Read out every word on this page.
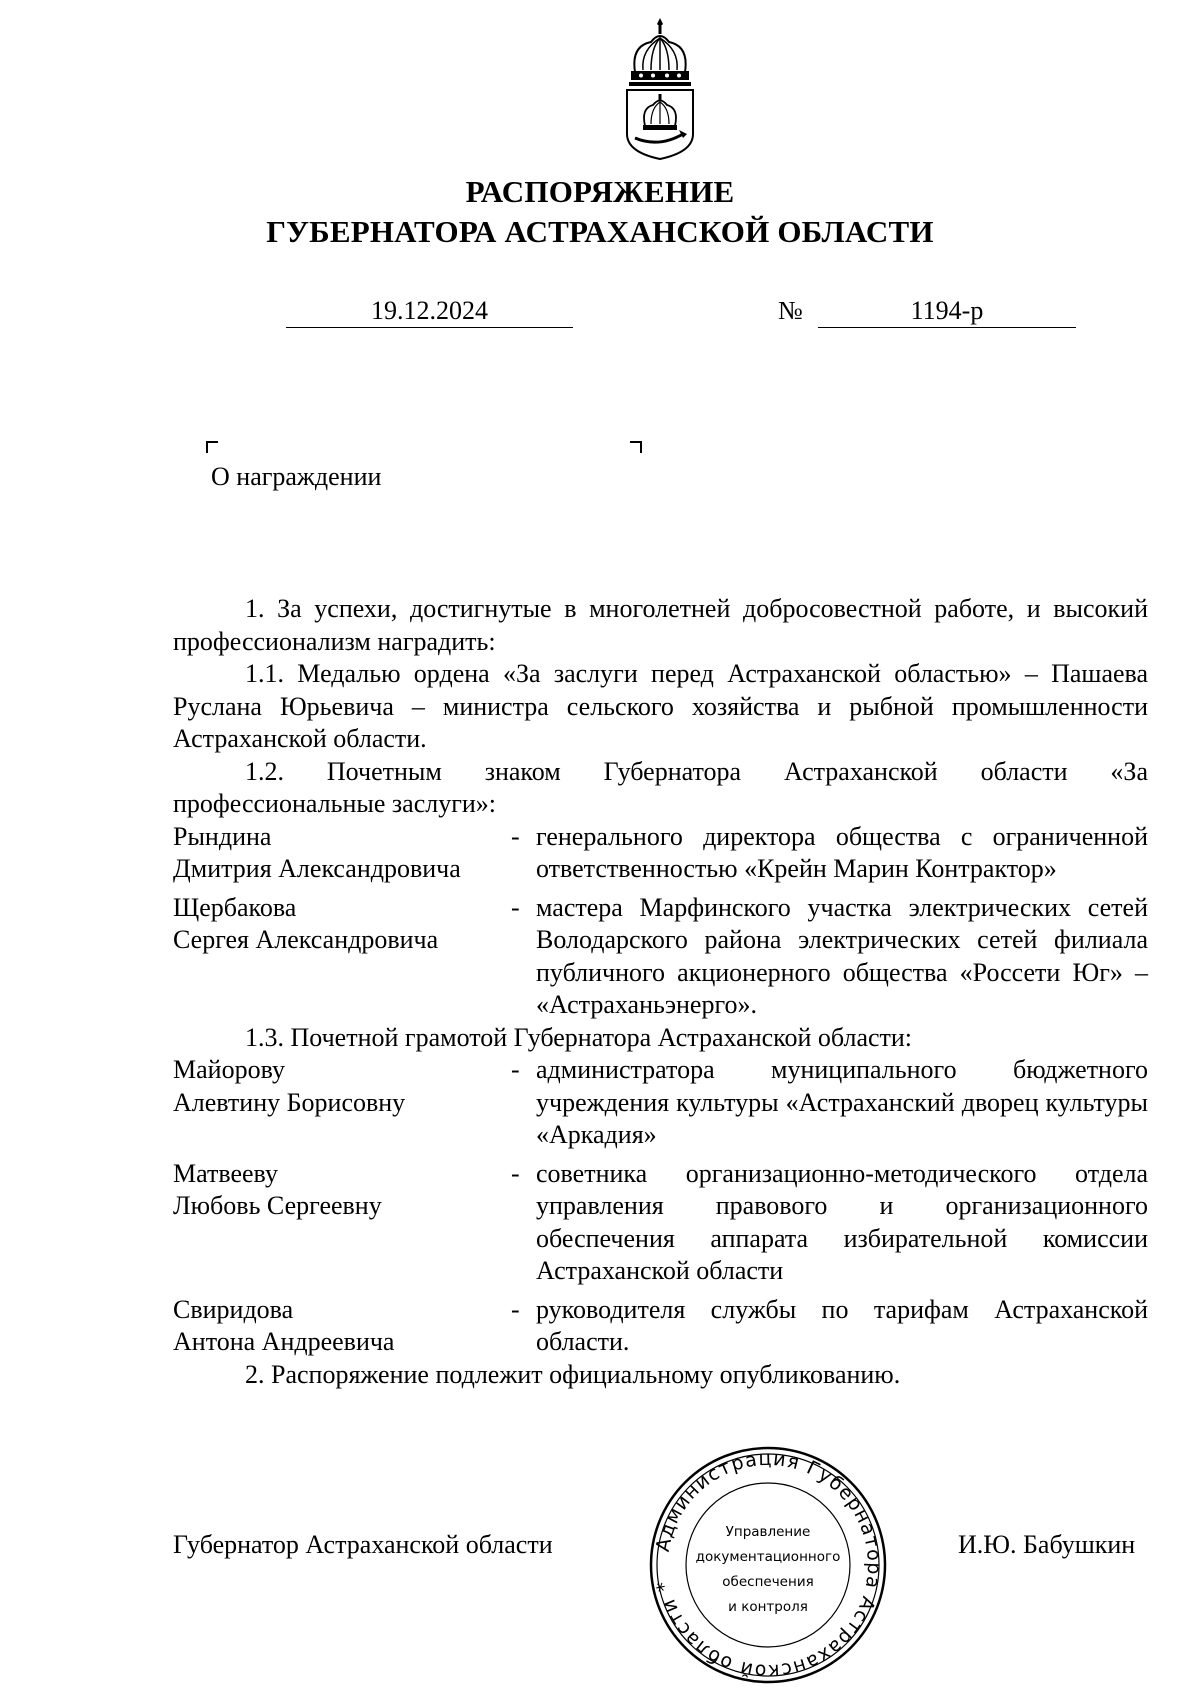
РАСПОРЯЖЕНИЕ
ГУБЕРНАТОРА АСТРАХАНСКОЙ ОБЛАСТИ
19.12.2024	№	1194-р
О награждении

1. За успехи, достигнутые в многолетней добросовестной работе, и высокий профессионализм наградить:

1.1. Медалью ордена «За заслуги перед Астраханской областью» – Пашаева Руслана Юрьевича – министра сельского хозяйства и рыбной промышленности Астраханской области.

1.2. Почетным знаком Губернатора Астраханской области «За профессиональные заслуги»:

Рындина
Дмитрия Александровича
- генерального директора общества с ограниченной ответственностью «Крейн Марин Контрактор»
Щербакова
Сергея Александровича
- мастера Марфинского участка электрических сетей Володарского района электрических сетей филиала публичного акционерного общества «Россети Юг» – «Астраханьэнерго».

1.3. Почетной грамотой Губернатора Астраханской области:

Майорову
Алевтину Борисовну
- администратора муниципального бюджетного учреждения культуры «Астраханский дворец культуры «Аркадия»
Матвееву
Любовь Сергеевну
- советника организационно-методического отдела управления правового и организационного обеспечения аппарата избирательной комиссии Астраханской области
Свиридова
Антона Андреевича
- руководителя службы по тарифам Астраханской области.

2. Распоряжение подлежит официальному опубликованию.

Губернатор Астраханской области	И.Ю. Бабушкин
Администрация Губернатора Астраханской области *
Управление
документационного
обеспечения
и контроля
